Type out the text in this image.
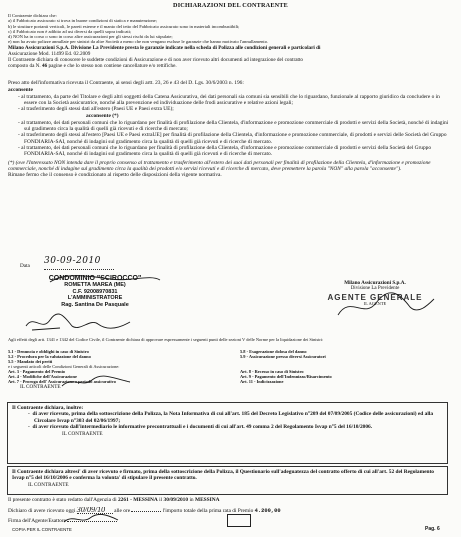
DICHIARAZIONI DEL CONTRAENTE
Il Contraente dichiara che:
a) il Fabbricato assicurato si trova in buone condizioni di statica e manutenzione;
b) le strutture portanti verticali, le pareti esterne e il manto del tetto del Fabbricato assicurato sono in materiali incombustibili;
c) il Fabbricato non è adibito ad usi diversi da quelli sopra indicati;
d) NON ha in corso o sono in corso altre assicurazioni per gli stessi rischi da lui stipulate;
e) non ha avuto polizze annullate per sinistri da altre Società a meno che non vengano escluse le garanzie che hanno motivato l'annullamento.
Milano Assicurazioni S.p.A. Divisione La Previdente presta le garanzie indicate nella scheda di Polizza alle condizioni generali e particolari di
Assicurazione Mod. 11499 Ed. 02.2009
Il Contraente dichiara di conoscere le suddette condizioni di Assicurazione e di non aver ricevuto altri documenti ad integrazione del contratto
composto da N. 46 pagine e che lo stesso non contiene cancellature e/o rettifiche.
Preso atto dell'informativa ricevuta il Contraente, ai sensi degli artt. 23, 26 e 43 del D. Lgs. 30/6/2003 n. 196:
acconsente
- al trattamento, da parte del Titolare e degli altri soggetti della Catena Assicurativa, dei dati personali sia comuni sia sensibili che lo riguardano, funzionale al rapporto giuridico da concludere o in essere con la Società assicuratrice, nonché alla prevenzione ed individuazione delle frodi assicurative e relative azioni legali;
- al trasferimento degli stessi dati all'estero (Paesi UE e Paesi extra UE);
acconsente (*)
- al trattamento, dei dati personali comuni che lo riguardano per finalità di profilazione della Clientela, d'informazione e promozione commerciale di prodotti e servizi della Società, nonché di indagini sul gradimento circa la qualità di quelli già ricevuti e di ricerche di mercato;
- al trasferimento degli stessi all'estero [Paesi UE e Paesi extraUE] per finalità di profilazione della Clientela, d'informazione e promozione commerciale, di prodotti e servizi delle Società del Gruppo FONDIARIA-SAI, nonché di indagini sul gradimento circa la qualità di quelli già ricevuti e di ricerche di mercato.
- al trattamento, dei dati personali comuni che lo riguardano per finalità di profilazione della Clientela, d'informazione e promozione commerciale di prodotti e servizi della Società del Gruppo FONDIARIA-SAI, nonché di indagini sul gradimento circa la qualità di quelli già ricevuti e di ricerche di mercato.
(*) (ove l'Interessato NON intenda dare il proprio consenso al trattamento e trasferimento all'estero dei suoi dati personali per finalità di profilazione della Clientela, d'informazione e promozione commerciale, nonché di indagine sul gradimento circa la qualità dei prodotti e/o servizi ricevuti e di ricerche di mercato, deve premettere la parola "NON" alla parola "acconsente").
Rimane fermo che il consenso è condizionato al rispetto delle disposizioni della vigente normativa.
Data 30-09-2010
CONDOMINIO "SCIROCCO"
ROMETTA MAREA (ME)
C.F. 92008970831
L'AMMINISTRATORE
Rag. Santina De Pasquale
Milano Assicurazioni S.p.A.
Divisione La Previdente
AGENTE GENERALE
IL AGENTE
Agli effetti degli artt. 1341 e 1342 del Codice Civile, il Contraente dichiara di approvare espressamente i seguenti punti delle sezioni V delle Norme per la liquidazione dei Sinistri:
5.1 - Denuncia e obblighi in caso di Sinistro
5.2 - Procedura per la valutazione del danno
5.5 - Mandato dei periti
e i seguenti articoli delle Condizioni Generali di Assicurazione:
Art. 3 - Pagamento del Premio
Art. 4 - Modifiche dell'Assicurazione
Art. 7 - Proroga dell' Assicurazione e periodo assicurativo
5.8 - Esagerazione dolosa del danno
5.9 - Assicurazione presso diversi Assicuratori

Art. 8 - Recesso in caso di Sinistro
Art. 9 - Pagamento dell'Indennizzo/Risarcimento
Art. 11 - Indicizzazione
IL CONTRAENTE
Il Contraente dichiara, inoltre:
-  di aver ricevuto, prima della sottoscrizione della Polizza, la Nota Informativa di cui all'art. 185 del Decreto Legislativo n°209 del 07/09/2005 (Codice delle assicurazioni) ed alla Circolare Isvap n°303 del 02/06/1997;
-  di aver ricevuto dall'intermediario le informative precontrattuali e i documenti di cui all'art. 49 comma 2 del Regolamento Isvap n°5 del 16/10/2006.
IL CONTRAENTE
Il Contraente dichiara altresi' di aver ricevuto e firmato, prima della sottoscrizione della Polizza, il Questionario sull'adeguatezza del contratto offerto di cui all'art. 52 del Regolamento Isvap n°5 del 16/10/2006 e conferma la volonta' di stipulare il presente contratto.
IL CONTRAENTE
Il presente contratto è stato redatto dall'Agenzia di 2261 - MESSINA il 30/09/2010 in MESSINA
Dichiaro di avere ricevuto oggi 30/09/10 alle ore	l'importo totale della prima rata di Premio 4.200,00
Firma dell'Agente/Esattore
COPIA PER IL CONTRAENTE	Pag. 6
